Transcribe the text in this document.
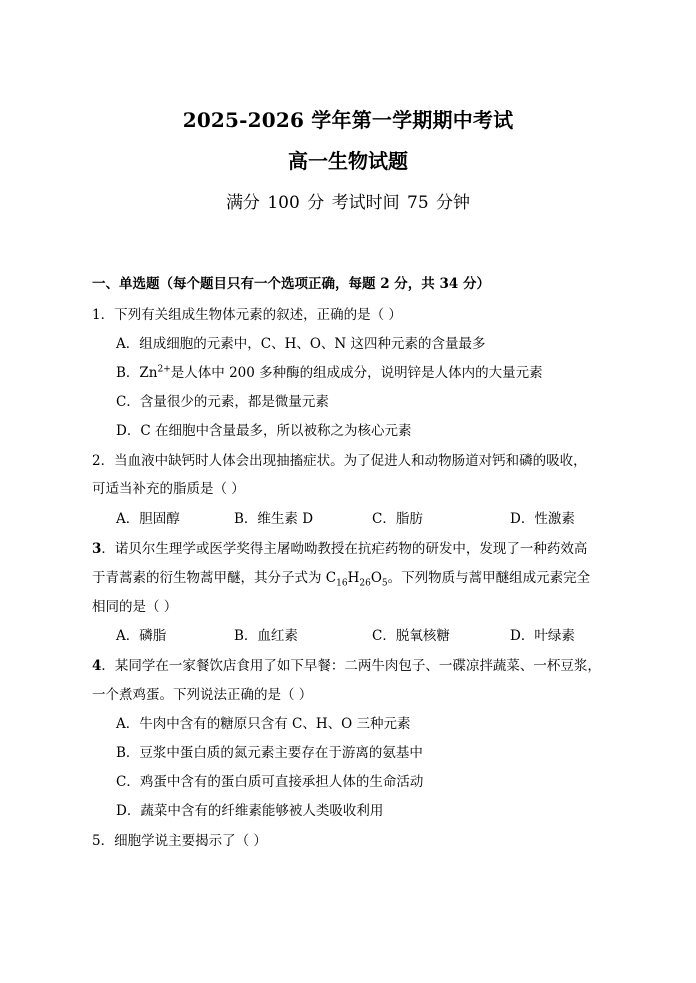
2025-2026 学年第一学期期中考试
高一生物试题
满分 100 分 考试时间 75 分钟
一、单选题（每个题目只有一个选项正确，每题 2 分，共 34 分）
1．下列有关组成生物体元素的叙述，正确的是（ ）
A．组成细胞的元素中，C、H、O、N 这四种元素的含量最多
B．$Zn^{2+}$是人体中 200 多种酶的组成成分，说明锌是人体内的大量元素
C．含量很少的元素，都是微量元素
D．C 在细胞中含量最多，所以被称之为核心元素
2．当血液中缺钙时人体会出现抽搐症状。为了促进人和动物肠道对钙和磷的吸收，
可适当补充的脂质是（ ）
A．胆固醇	B．维生素 D	C．脂肪	D．性激素
3．诺贝尔生理学或医学奖得主屠呦呦教授在抗疟药物的研发中，发现了一种药效高
于青蒿素的衍生物蒿甲醚，其分子式为 $C_{16}H_{26}O_5$。下列物质与蒿甲醚组成元素完全
相同的是（ ）
A．磷脂	B．血红素	C．脱氧核糖	D．叶绿素
4．某同学在一家餐饮店食用了如下早餐：二两牛肉包子、一碟凉拌蔬菜、一杯豆浆，
一个煮鸡蛋。下列说法正确的是（ ）
A．牛肉中含有的糖原只含有 C、H、O 三种元素
B．豆浆中蛋白质的氮元素主要存在于游离的氨基中
C．鸡蛋中含有的蛋白质可直接承担人体的生命活动
D．蔬菜中含有的纤维素能够被人类吸收利用
5．细胞学说主要揭示了（ ）
